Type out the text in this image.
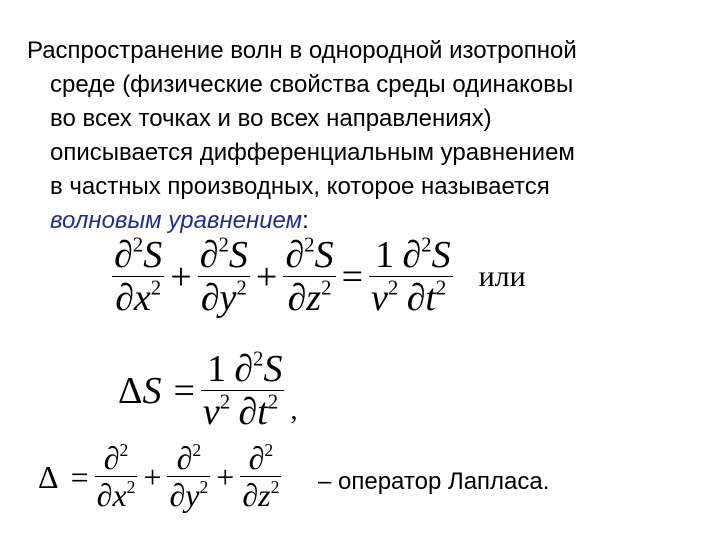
Распространение волн в однородной изотропной
среде (физические свойства среды одинаковы
во всех точках и во всех направлениях)
описывается дифференциальным уравнением
в частных производных, которое называется
волновым уравнением:
$\frac{\partial^2S}{\partial x^2} + \frac{\partial^2S}{\partial y^2} + \frac{\partial^2S}{\partial z^2} = \frac{1}{v^2} \frac{\partial^2S}{\partial t^2}$ или
$\Delta S = \frac{1}{v^2} \frac{\partial^2S}{\partial t^2}$ ,
$\Delta = \frac{\partial^2}{\partial x^2} + \frac{\partial^2}{\partial y^2} + \frac{\partial^2}{\partial z^2}$ – оператор Лапласа.
